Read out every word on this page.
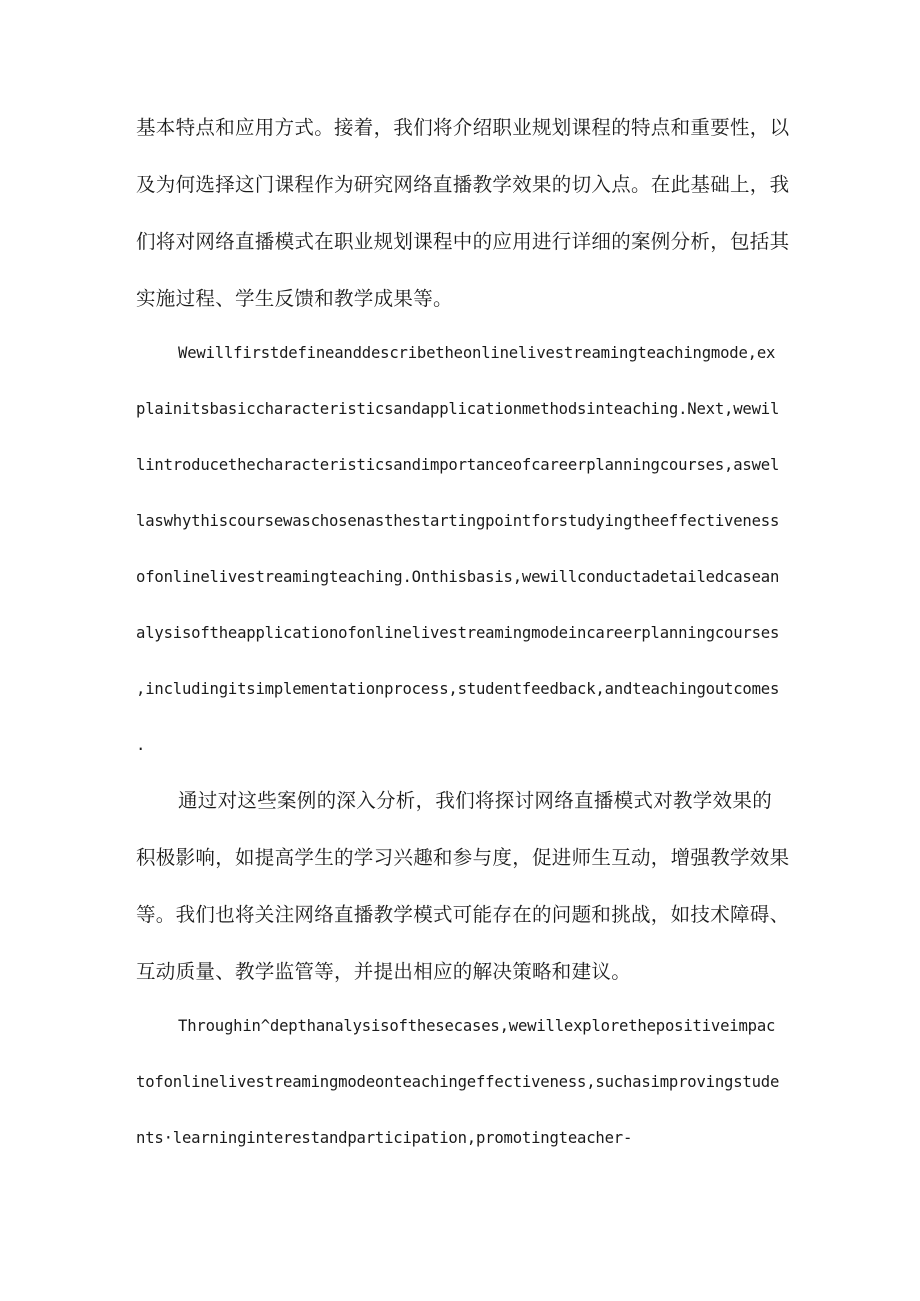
基本特点和应用方式。接着，我们将介绍职业规划课程的特点和重要性，以
及为何选择这门课程作为研究网络直播教学效果的切入点。在此基础上，我
们将对网络直播模式在职业规划课程中的应用进行详细的案例分析，包括其
实施过程、学生反馈和教学成果等。
Wewillfirstdefineanddescribetheonlinelivestreamingteachingmode,ex
plainitsbasiccharacteristicsandapplicationmethodsinteaching.Next,wewil
lintroducethecharacteristicsandimportanceofcareerplanningcourses,aswel
laswhythiscoursewaschosenasthestartingpointforstudyingtheeffectiveness
ofonlinelivestreamingteaching.Onthisbasis,wewillconductadetailedcasean
alysisoftheapplicationofonlinelivestreamingmodeincareerplanningcourses
,includingitsimplementationprocess,studentfeedback,andteachingoutcomes
.
通过对这些案例的深入分析，我们将探讨网络直播模式对教学效果的
积极影响，如提高学生的学习兴趣和参与度，促进师生互动，增强教学效果
等。我们也将关注网络直播教学模式可能存在的问题和挑战，如技术障碍、
互动质量、教学监管等，并提出相应的解决策略和建议。
Throughin^depthanalysisofthesecases,wewillexplorethepositiveimpac
tofonlinelivestreamingmodeonteachingeffectiveness,suchasimprovingstude
nts·learninginterestandparticipation,promotingteacher-
